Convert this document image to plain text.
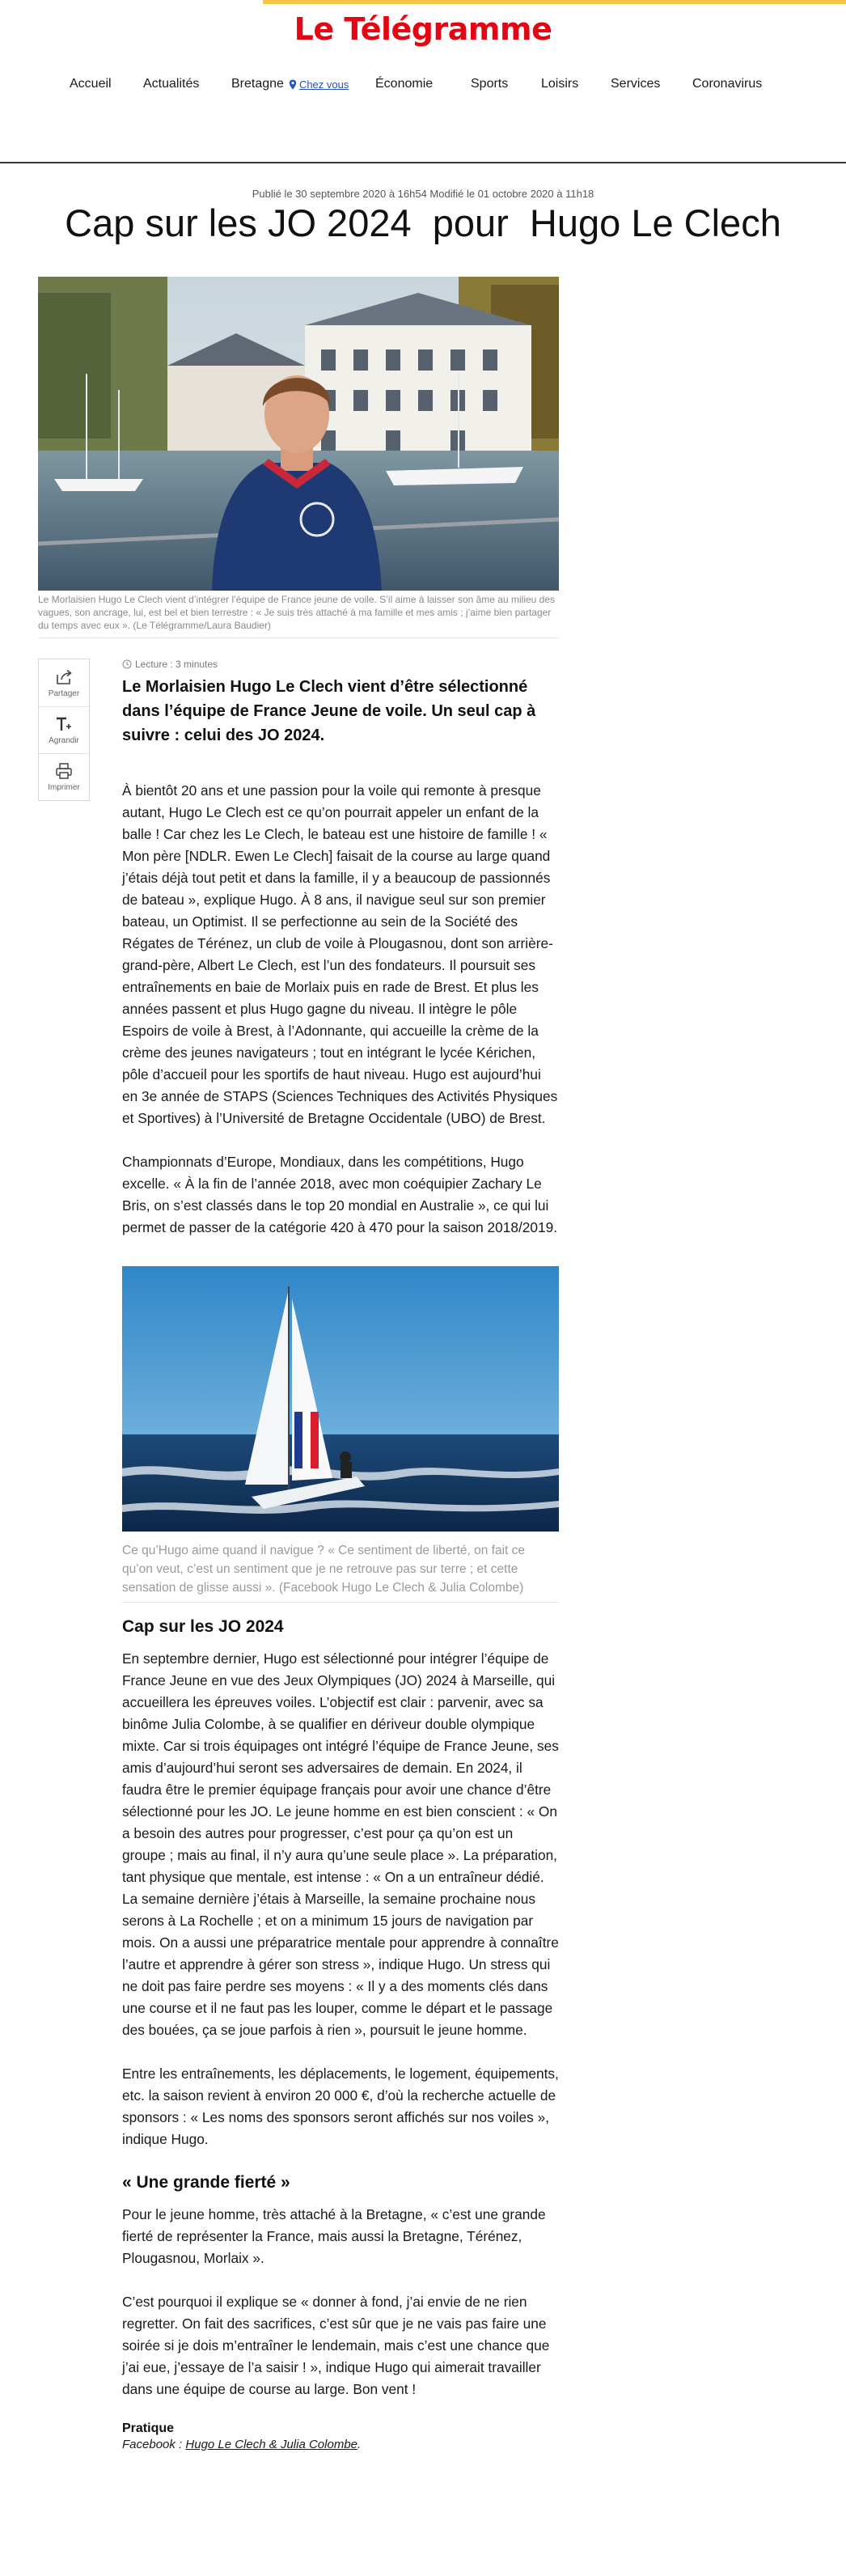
Le Télégramme
Accueil	Actualités	Bretagne Chez vous Économie	Sports	Loisirs	Services	Coronavirus
Publié le 30 septembre 2020 à 16h54 Modifié le 01 octobre 2020 à 11h18
Cap sur les JO 2024  pour  Hugo Le Clech

Le Morlaisien Hugo Le Clech vient d’intégrer l’équipe de France jeune de voile. S’il aime à laisser son âme au milieu des vagues, son ancrage, lui, est bel et bien terrestre : « Je suis très attaché à ma famille et mes amis ; j’aime bien partager du temps avec eux ». (Le Télégramme/Laura Baudier)

Partager
Agrandir
Imprimer
Lecture : 3 minutes

Le Morlaisien Hugo Le Clech vient d’être sélectionné dans l’équipe de France Jeune de voile. Un seul cap à suivre : celui des JO 2024.

À bientôt 20 ans et une passion pour la voile qui remonte à presque autant, Hugo Le Clech est ce qu’on pourrait appeler un enfant de la balle ! Car chez les Le Clech, le bateau est une histoire de famille ! « Mon père [NDLR. Ewen Le Clech] faisait de la course au large quand j’étais déjà tout petit et dans la famille, il y a beaucoup de passionnés de bateau », explique Hugo. À 8 ans, il navigue seul sur son premier bateau, un Optimist. Il se perfectionne au sein de la Société des Régates de Térénez, un club de voile à Plougasnou, dont son arrière-grand-père, Albert Le Clech, est l’un des fondateurs. Il poursuit ses entraînements en baie de Morlaix puis en rade de Brest. Et plus les années passent et plus Hugo gagne du niveau. Il intègre le pôle Espoirs de voile à Brest, à l’Adonnante, qui accueille la crème de la crème des jeunes navigateurs ; tout en intégrant le lycée Kérichen, pôle d’accueil pour les sportifs de haut niveau. Hugo est aujourd’hui en 3e année de STAPS (Sciences Techniques des Activités Physiques et Sportives) à l’Université de Bretagne Occidentale (UBO) de Brest.

Championnats d’Europe, Mondiaux, dans les compétitions, Hugo excelle. « À la fin de l’année 2018, avec mon coéquipier Zachary Le Bris, on s’est classés dans le top 20 mondial en Australie », ce qui lui permet de passer de la catégorie 420 à 470 pour la saison 2018/2019.

Ce qu’Hugo aime quand il navigue ? « Ce sentiment de liberté, on fait ce qu’on veut, c’est un sentiment que je ne retrouve pas sur terre ; et cette sensation de glisse aussi ». (Facebook Hugo Le Clech & Julia Colombe)

Cap sur les JO 2024

En septembre dernier, Hugo est sélectionné pour intégrer l’équipe de France Jeune en vue des Jeux Olympiques (JO) 2024 à Marseille, qui accueillera les épreuves voiles. L’objectif est clair : parvenir, avec sa binôme Julia Colombe, à se qualifier en dériveur double olympique mixte. Car si trois équipages ont intégré l’équipe de France Jeune, ses amis d’aujourd’hui seront ses adversaires de demain. En 2024, il faudra être le premier équipage français pour avoir une chance d’être sélectionné pour les JO. Le jeune homme en est bien conscient : « On a besoin des autres pour progresser, c’est pour ça qu’on est un groupe ; mais au final, il n’y aura qu’une seule place ». La préparation, tant physique que mentale, est intense : « On a un entraîneur dédié. La semaine dernière j’étais à Marseille, la semaine prochaine nous serons à La Rochelle ; et on a minimum 15 jours de navigation par mois. On a aussi une préparatrice mentale pour apprendre à connaître l’autre et apprendre à gérer son stress », indique Hugo. Un stress qui ne doit pas faire perdre ses moyens : « Il y a des moments clés dans une course et il ne faut pas les louper, comme le départ et le passage des bouées, ça se joue parfois à rien », poursuit le jeune homme.

Entre les entraînements, les déplacements, le logement, équipements, etc. la saison revient à environ 20 000 €, d’où la recherche actuelle de sponsors : « Les noms des sponsors seront affichés sur nos voiles », indique Hugo.

« Une grande fierté »

Pour le jeune homme, très attaché à la Bretagne, « c’est une grande fierté de représenter la France, mais aussi la Bretagne, Térénez, Plougasnou, Morlaix ».

C’est pourquoi il explique se « donner à fond, j’ai envie de ne rien regretter. On fait des sacrifices, c’est sûr que je ne vais pas faire une soirée si je dois m’entraîner le lendemain, mais c’est une chance que j’ai eue, j’essaye de l’a saisir ! », indique Hugo qui aimerait travailler dans une équipe de course au large. Bon vent !

Pratique

Facebook : Hugo Le Clech & Julia Colombe.
